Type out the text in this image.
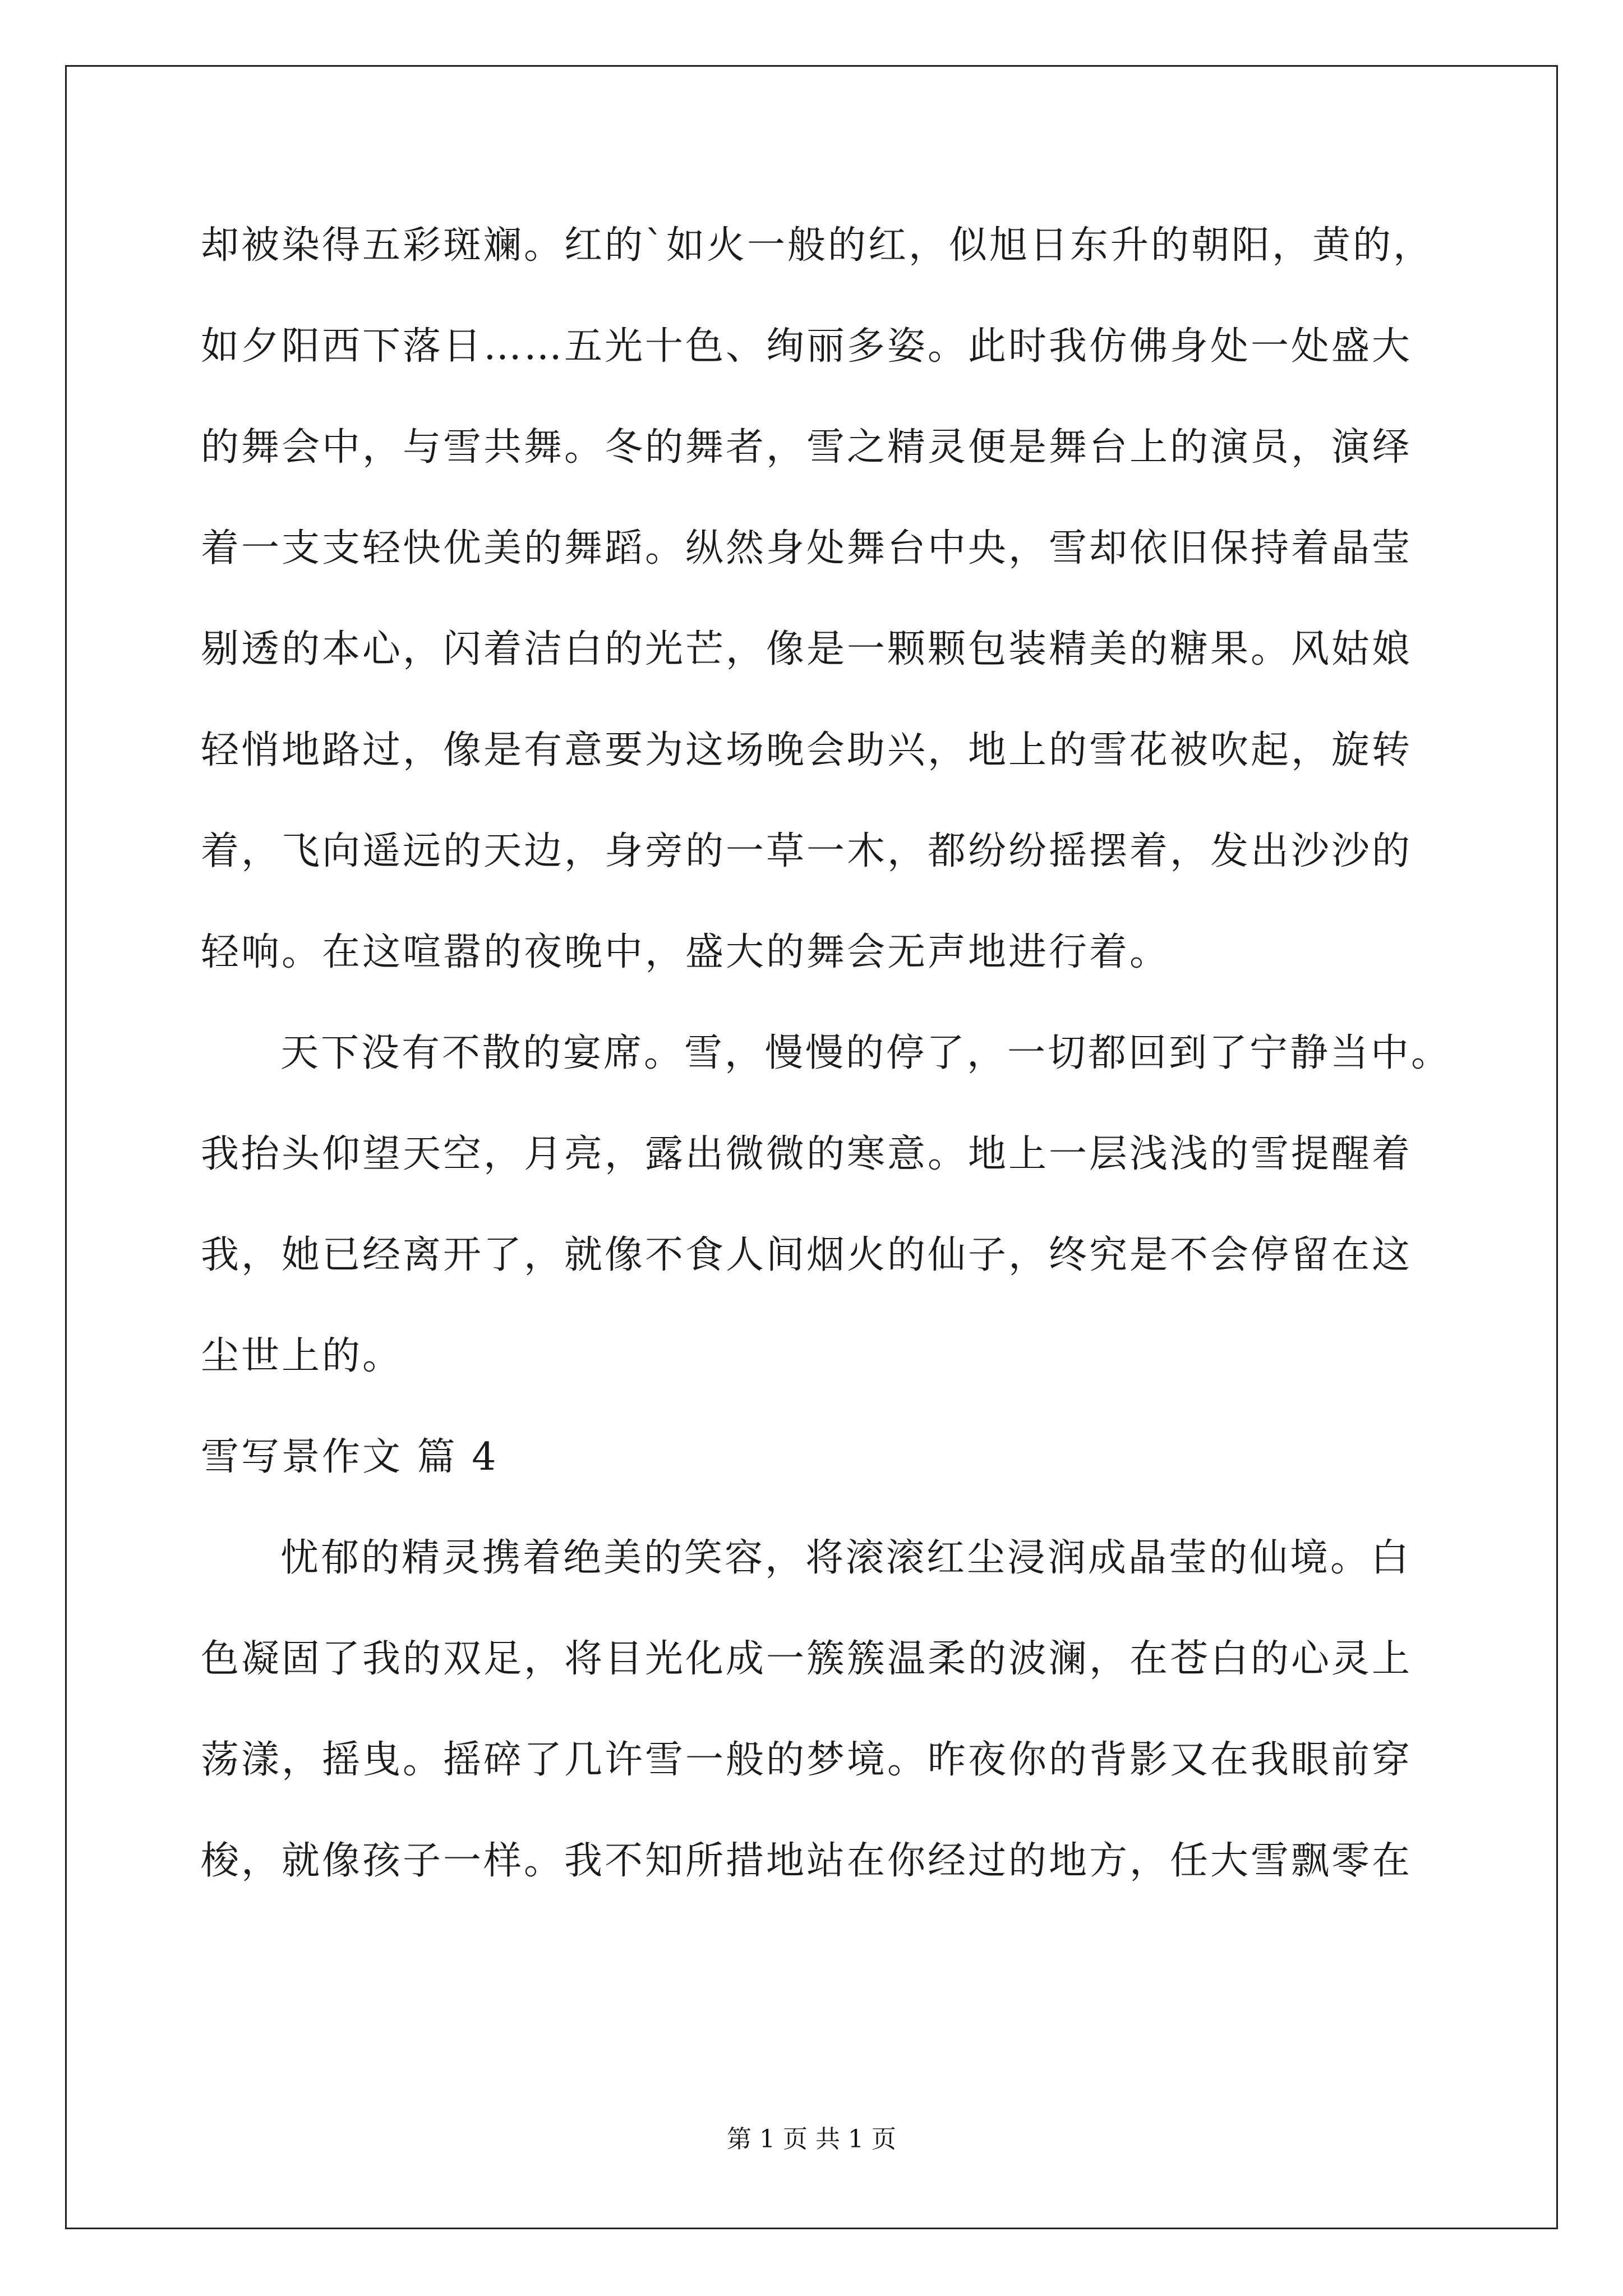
却被染得五彩斑斓。红的`如火一般的红，似旭日东升的朝阳，黄的，
如夕阳西下落日……五光十色、绚丽多姿。此时我仿佛身处一处盛大
的舞会中，与雪共舞。冬的舞者，雪之精灵便是舞台上的演员，演绎
着一支支轻快优美的舞蹈。纵然身处舞台中央，雪却依旧保持着晶莹
剔透的本心，闪着洁白的光芒，像是一颗颗包装精美的糖果。风姑娘
轻悄地路过，像是有意要为这场晚会助兴，地上的雪花被吹起，旋转
着，飞向遥远的天边，身旁的一草一木，都纷纷摇摆着，发出沙沙的
轻响。在这喧嚣的夜晚中，盛大的舞会无声地进行着。
天下没有不散的宴席。雪，慢慢的停了，一切都回到了宁静当中。
我抬头仰望天空，月亮，露出微微的寒意。地上一层浅浅的雪提醒着
我，她已经离开了，就像不食人间烟火的仙子，终究是不会停留在这
尘世上的。
雪写景作文 篇 4
忧郁的精灵携着绝美的笑容，将滚滚红尘浸润成晶莹的仙境。白
色凝固了我的双足，将目光化成一簇簇温柔的波澜，在苍白的心灵上
荡漾，摇曳。摇碎了几许雪一般的梦境。昨夜你的背影又在我眼前穿
梭，就像孩子一样。我不知所措地站在你经过的地方，任大雪飘零在
第 1 页 共 1 页
